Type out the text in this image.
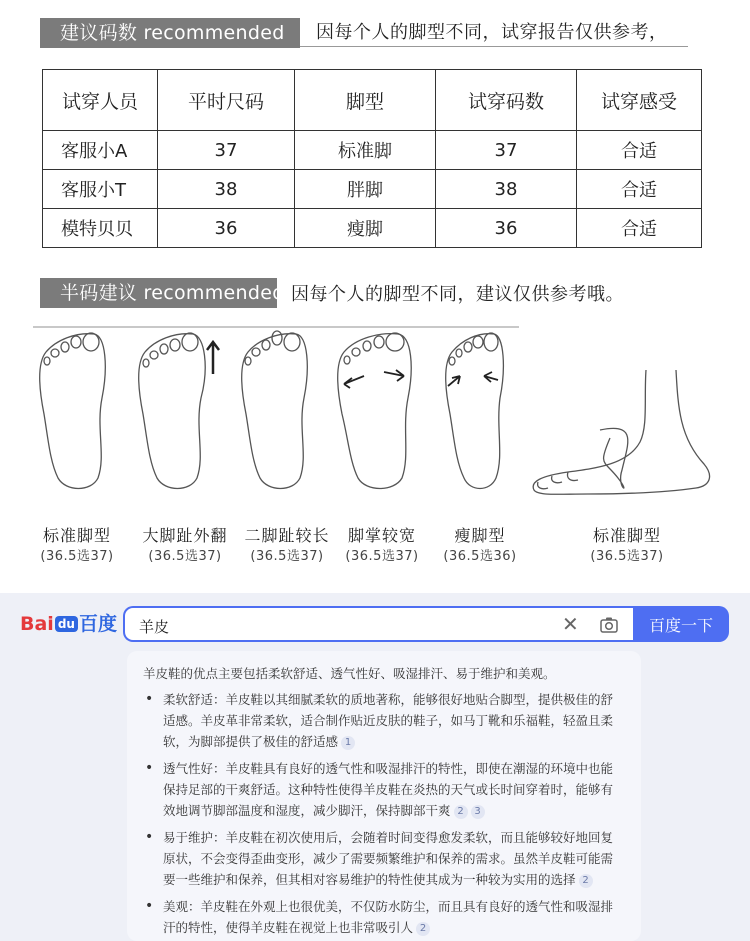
建议码数 recommended	因每个人的脚型不同，试穿报告仅供参考，
试穿人员	平时尺码	脚型	试穿码数	试穿感受
客服小A	37	标准脚	37	合适
客服小T	38	胖脚	38	合适
模特贝贝	36	瘦脚	36	合适
半码建议 recommended 因每个人的脚型不同，建议仅供参考哦。
标准脚型
(36.5选37)
大脚趾外翻
(36.5选37)
二脚趾较长
(36.5选37)
脚掌较宽
(36.5选37)
瘦脚型
(36.5选36)
标准脚型
(36.5选37)
Bai du 百度
羊皮	✕	百度一下
羊皮鞋的优点主要包括柔软舒适、透气性好、吸湿排汗、易于维护和美观。
• 柔软舒适：羊皮鞋以其细腻柔软的质地著称，能够很好地贴合脚型，提供极佳的舒适感。羊皮革非常柔软，适合制作贴近皮肤的鞋子，如马丁靴和乐福鞋，轻盈且柔软，为脚部提供了极佳的舒适感 1
• 透气性好：羊皮鞋具有良好的透气性和吸湿排汗的特性，即使在潮湿的环境中也能保持足部的干爽舒适。这种特性使得羊皮鞋在炎热的天气或长时间穿着时，能够有效地调节脚部温度和湿度，减少脚汗，保持脚部干爽 2 3
• 易于维护：羊皮鞋在初次使用后，会随着时间变得愈发柔软，而且能够较好地回复原状，不会变得歪曲变形，减少了需要频繁维护和保养的需求。虽然羊皮鞋可能需要一些维护和保养，但其相对容易维护的特性使其成为一种较为实用的选择 2
• 美观：羊皮鞋在外观上也很优美，不仅防水防尘，而且具有良好的透气性和吸湿排汗的特性，使得羊皮鞋在视觉上也非常吸引人 2
